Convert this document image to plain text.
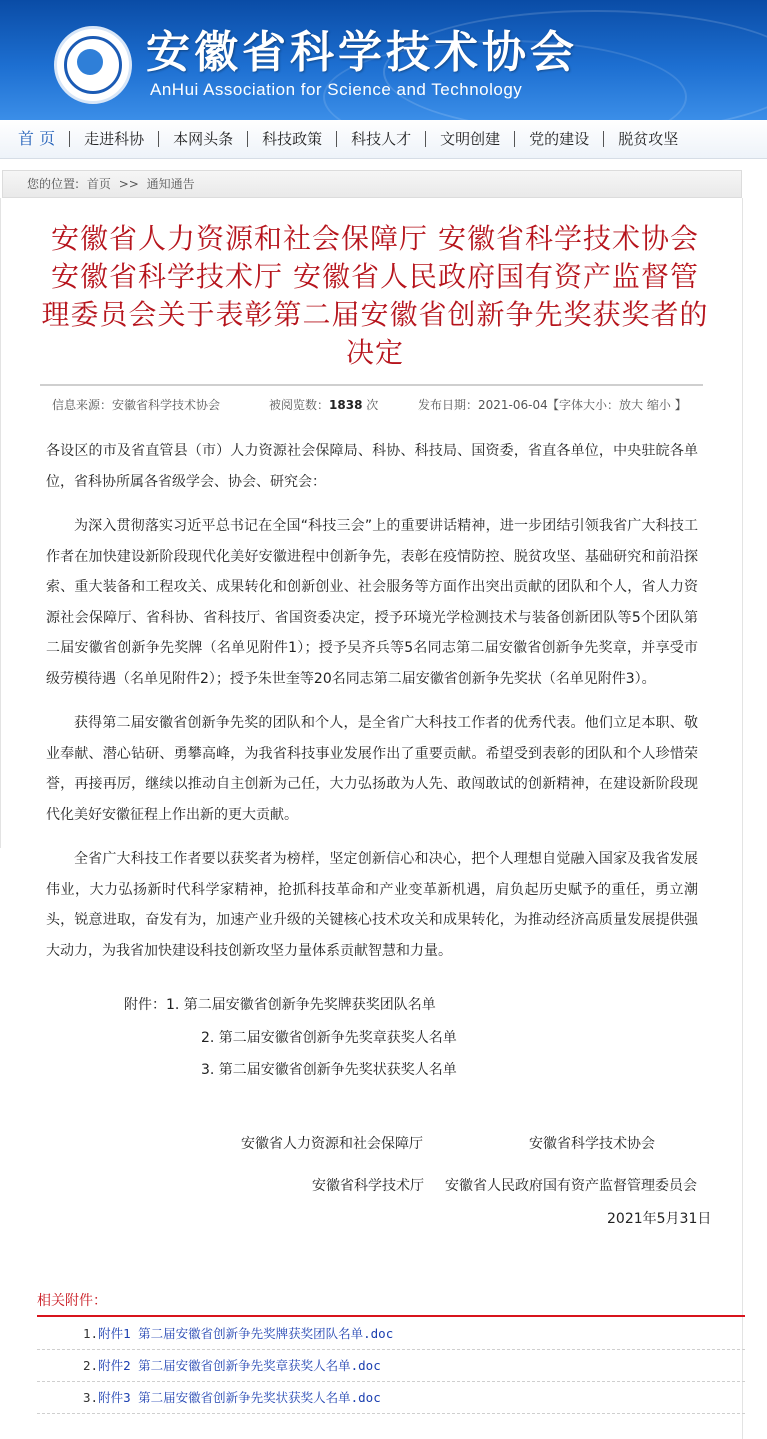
安徽省科学技术协会
AnHui Association for Science and Technology
首 页	走进科协	本网头条	科技政策	科技人才	文明创建	党的建设	脱贫攻坚
您的位置: 首页 >> 通知通告
安徽省人力资源和社会保障厅 安徽省科学技术协会 安徽省科学技术厅 安徽省人民政府国有资产监督管理委员会关于表彰第二届安徽省创新争先奖获奖者的决定
信息来源：安徽省科学技术协会	被阅览数：1838 次	发布日期：2021-06-04 【字体大小：放大 缩小 】

各设区的市及省直管县（市）人力资源社会保障局、科协、科技局、国资委，省直各单位，中央驻皖各单位，省科协所属各省级学会、协会、研究会：

为深入贯彻落实习近平总书记在全国“科技三会”上的重要讲话精神，进一步团结引领我省广大科技工作者在加快建设新阶段现代化美好安徽进程中创新争先，表彰在疫情防控、脱贫攻坚、基础研究和前沿探索、重大装备和工程攻关、成果转化和创新创业、社会服务等方面作出突出贡献的团队和个人，省人力资源社会保障厅、省科协、省科技厅、省国资委决定，授予环境光学检测技术与装备创新团队等5个团队第二届安徽省创新争先奖牌（名单见附件1）；授予吴齐兵等5名同志第二届安徽省创新争先奖章，并享受市级劳模待遇（名单见附件2）；授予朱世奎等20名同志第二届安徽省创新争先奖状（名单见附件3）。

获得第二届安徽省创新争先奖的团队和个人，是全省广大科技工作者的优秀代表。他们立足本职、敬业奉献、潜心钻研、勇攀高峰，为我省科技事业发展作出了重要贡献。希望受到表彰的团队和个人珍惜荣誉，再接再厉，继续以推动自主创新为己任，大力弘扬敢为人先、敢闯敢试的创新精神，在建设新阶段现代化美好安徽征程上作出新的更大贡献。

全省广大科技工作者要以获奖者为榜样，坚定创新信心和决心，把个人理想自觉融入国家及我省发展伟业，大力弘扬新时代科学家精神，抢抓科技革命和产业变革新机遇，肩负起历史赋予的重任，勇立潮头，锐意进取，奋发有为，加速产业升级的关键核心技术攻关和成果转化，为推动经济高质量发展提供强大动力，为我省加快建设科技创新攻坚力量体系贡献智慧和力量。

附件：1. 第二届安徽省创新争先奖牌获奖团队名单
2. 第二届安徽省创新争先奖章获奖人名单
3. 第二届安徽省创新争先奖状获奖人名单
安徽省人力资源和社会保障厅	安徽省科学技术协会
安徽省科学技术厅 安徽省人民政府国有资产监督管理委员会
2021年5月31日
相关附件：
1.附件1 第二届安徽省创新争先奖牌获奖团队名单.doc
2.附件2 第二届安徽省创新争先奖章获奖人名单.doc
3.附件3 第二届安徽省创新争先奖状获奖人名单.doc
